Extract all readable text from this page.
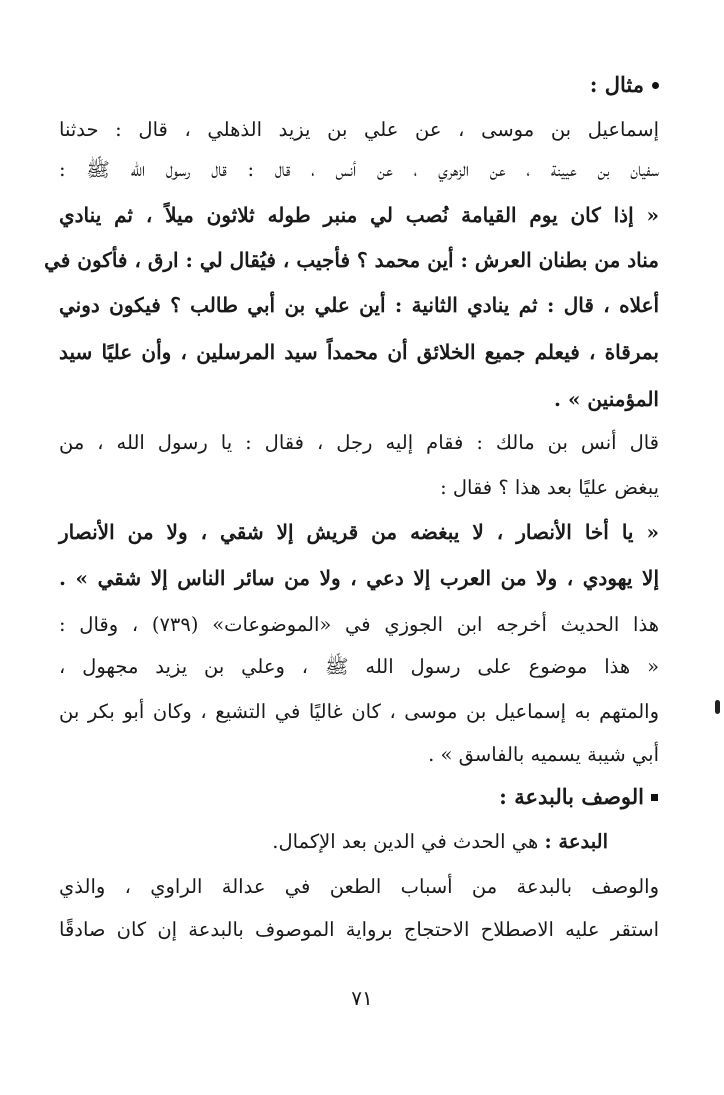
مثال :
إسماعيل بن موسى ، عن علي بن يزيد الذهلي ، قال : حدثنا
سفيان بن عيينة ، عن الزهري ، عن أنس ، قال : قال رسول الله ﷺ :
« إذا كان يوم القيامة نُصب لي منبر طوله ثلاثون ميلاً ، ثم ينادي
مناد من بطنان العرش : أين محمد ؟ فأجيب ، فيُقال لي : ارق ، فأكون في
أعلاه ، قال : ثم ينادي الثانية : أين علي بن أبي طالب ؟ فيكون دوني
بمرقاة ، فيعلم جميع الخلائق أن محمداً سيد المرسلين ، وأن عليًا سيد
المؤمنين » .
قال أنس بن مالك : فقام إليه رجل ، فقال : يا رسول الله ، من
يبغض عليًا بعد هذا ؟ فقال :
« يا أخا الأنصار ، لا يبغضه من قريش إلا شقي ، ولا من الأنصار
إلا يهودي ، ولا من العرب إلا دعي ، ولا من سائر الناس إلا شقي » .
هذا الحديث أخرجه ابن الجوزي في «الموضوعات» (٧٣٩) ، وقال :
« هذا موضوع على رسول الله ﷺ ، وعلي بن يزيد مجهول ،
والمتهم به إسماعيل بن موسى ، كان غاليًا في التشيع ، وكان أبو بكر بن
أبي شيبة يسميه بالفاسق » .
الوصف بالبدعة :
البدعة : هي الحدث في الدين بعد الإكمال.
والوصف بالبدعة من أسباب الطعن في عدالة الراوي ، والذي
استقر عليه الاصطلاح الاحتجاج برواية الموصوف بالبدعة إن كان صادقًا
٧١
